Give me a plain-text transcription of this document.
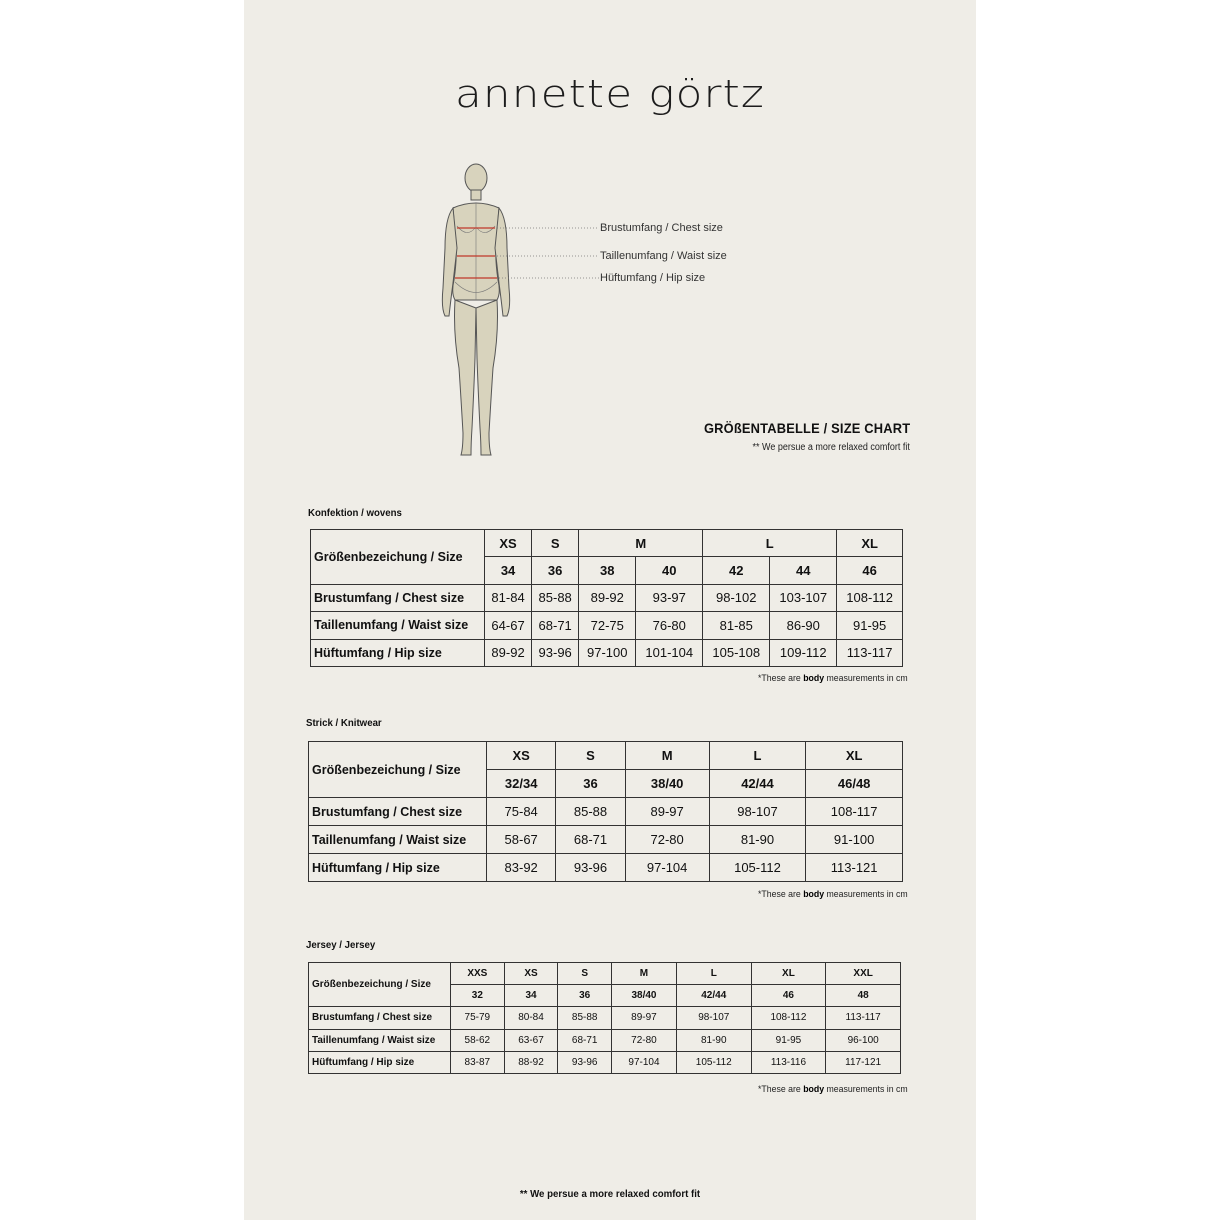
annette görtz
Brustumfang / Chest size
Taillenumfang / Waist size
Hüftumfang / Hip size
GRÖßENTABELLE / SIZE CHART
** We persue a more relaxed comfort fit
Konfektion / wovens
Größenbezeichung / Size	XS	S	M		L		XL
	34	36	38	40	42	44	46
Brustumfang / Chest size	81-84	85-88	89-92	93-97	98-102	103-107	108-112
Taillenumfang / Waist size	64-67	68-71	72-75	76-80	81-85	86-90	91-95
Hüftumfang / Hip size	89-92	93-96	97-100	101-104	105-108	109-112	113-117
*These are body measurements in cm
Strick / Knitwear
Größenbezeichung / Size	XS	S	M	L	XL
	32/34	36	38/40	42/44	46/48
Brustumfang / Chest size	75-84	85-88	89-97	98-107	108-117
Taillenumfang / Waist size	58-67	68-71	72-80	81-90	91-100
Hüftumfang / Hip size	83-92	93-96	97-104	105-112	113-121
*These are body measurements in cm
Jersey / Jersey
Größenbezeichung / Size	XXS	XS	S	M	L	XL	XXL
	32	34	36	38/40	42/44	46	48
Brustumfang / Chest size	75-79	80-84	85-88	89-97	98-107	108-112	113-117
Taillenumfang / Waist size	58-62	63-67	68-71	72-80	81-90	91-95	96-100
Hüftumfang / Hip size	83-87	88-92	93-96	97-104	105-112	113-116	117-121
*These are body measurements in cm
** We persue a more relaxed comfort fit
